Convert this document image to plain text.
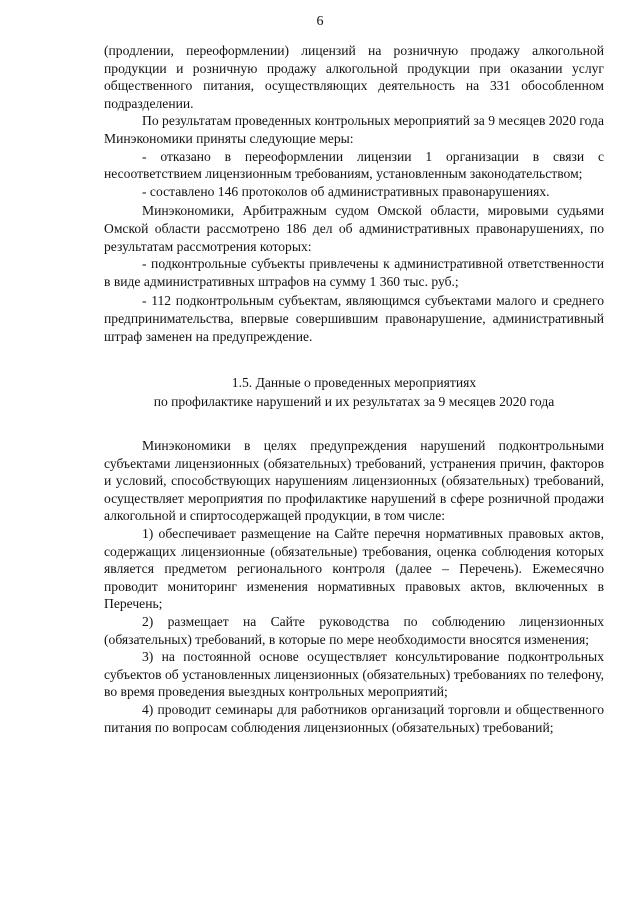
6

(продлении, переоформлении) лицензий на розничную продажу алкогольной продукции и розничную продажу алкогольной продукции при оказании услуг общественного питания, осуществляющих деятельность на 331 обособленном подразделении.

По результатам проведенных контрольных мероприятий за 9 месяцев 2020 года Минэкономики приняты следующие меры:

- отказано в переоформлении лицензии 1 организации в связи с несоответствием лицензионным требованиям, установленным законодательством;

- составлено 146 протоколов об административных правонарушениях.

Минэкономики, Арбитражным судом Омской области, мировыми судьями Омской области рассмотрено 186 дел об административных правонарушениях, по результатам рассмотрения которых:

- подконтрольные субъекты привлечены к административной ответственности в виде административных штрафов на сумму 1 360 тыс. руб.;

- 112 подконтрольным субъектам, являющимся субъектами малого и среднего предпринимательства, впервые совершившим правонарушение, административный штраф заменен на предупреждение.

1.5. Данные о проведенных мероприятиях
по профилактике нарушений и их результатах за 9 месяцев 2020 года

Минэкономики в целях предупреждения нарушений подконтрольными субъектами лицензионных (обязательных) требований, устранения причин, факторов и условий, способствующих нарушениям лицензионных (обязательных) требований, осуществляет мероприятия по профилактике нарушений в сфере розничной продажи алкогольной и спиртосодержащей продукции, в том числе:

1) обеспечивает размещение на Сайте перечня нормативных правовых актов, содержащих лицензионные (обязательные) требования, оценка соблюдения которых является предметом регионального контроля (далее – Перечень). Ежемесячно проводит мониторинг изменения нормативных правовых актов, включенных в Перечень;

2) размещает на Сайте руководства по соблюдению лицензионных (обязательных) требований, в которые по мере необходимости вносятся изменения;

3) на постоянной основе осуществляет консультирование подконтрольных субъектов об установленных лицензионных (обязательных) требованиях по телефону, во время проведения выездных контрольных мероприятий;

4) проводит семинары для работников организаций торговли и общественного питания по вопросам соблюдения лицензионных (обязательных) требований;
